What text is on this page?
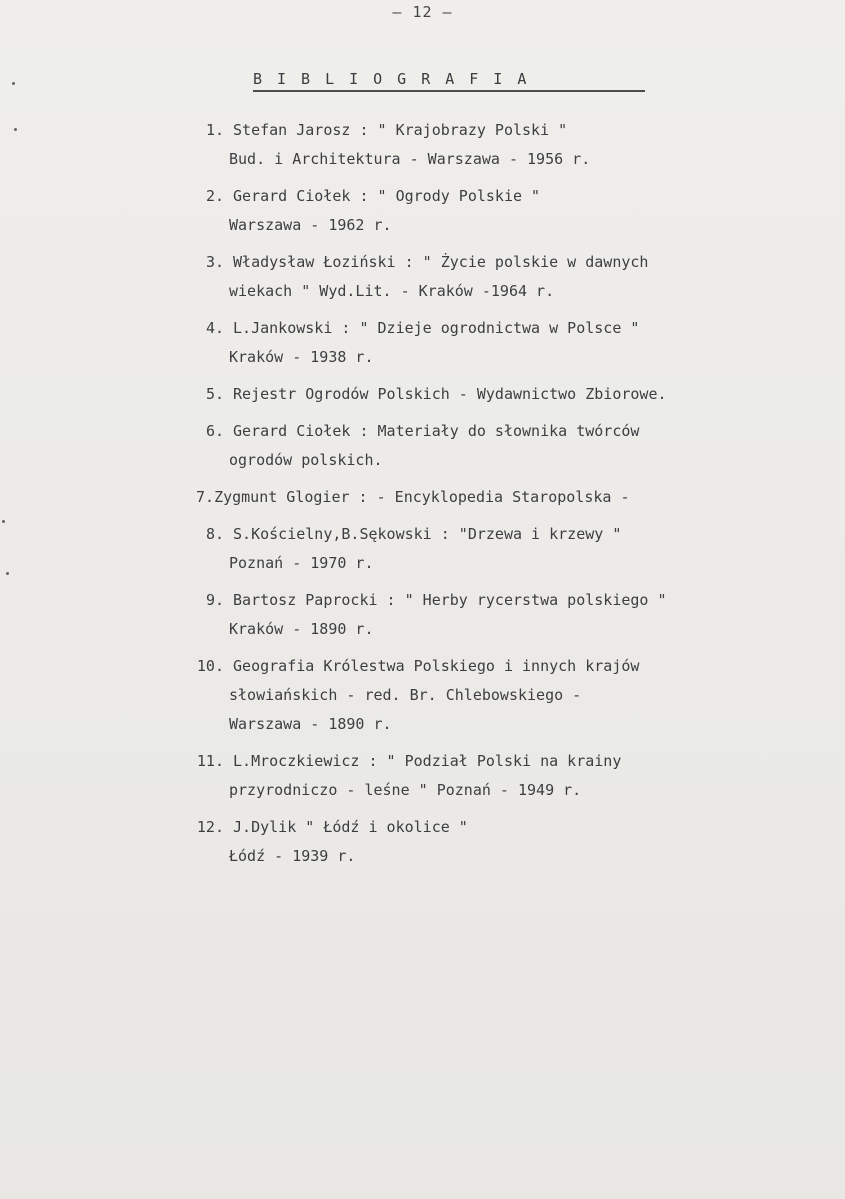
— 12 —
BIBLIOGRAFIA
1. Stefan Jarosz : " Krajobrazy Polski "
Bud. i Architektura - Warszawa - 1956 r.
2. Gerard Ciołek : " Ogrody Polskie "
Warszawa - 1962 r.
3. Władysław Łoziński : " Życie polskie w dawnych
wiekach " Wyd.Lit. - Kraków -1964 r.
4. L.Jankowski : " Dzieje ogrodnictwa w Polsce "
Kraków - 1938 r.
5. Rejestr Ogrodów Polskich - Wydawnictwo Zbiorowe.
6. Gerard Ciołek : Materiały do słownika twórców
ogrodów polskich.
7.Zygmunt Glogier : - Encyklopedia Staropolska -
8. S.Kościelny,B.Sękowski : "Drzewa i krzewy "
Poznań - 1970 r.
9. Bartosz Paprocki : " Herby rycerstwa polskiego "
Kraków - 1890 r.
10. Geografia Królestwa Polskiego i innych krajów
słowiańskich - red. Br. Chlebowskiego -
Warszawa - 1890 r.
11. L.Mroczkiewicz : " Podział Polski na krainy
przyrodniczo - leśne " Poznań - 1949 r.
12. J.Dylik " Łódź i okolice "
Łódź - 1939 r.
